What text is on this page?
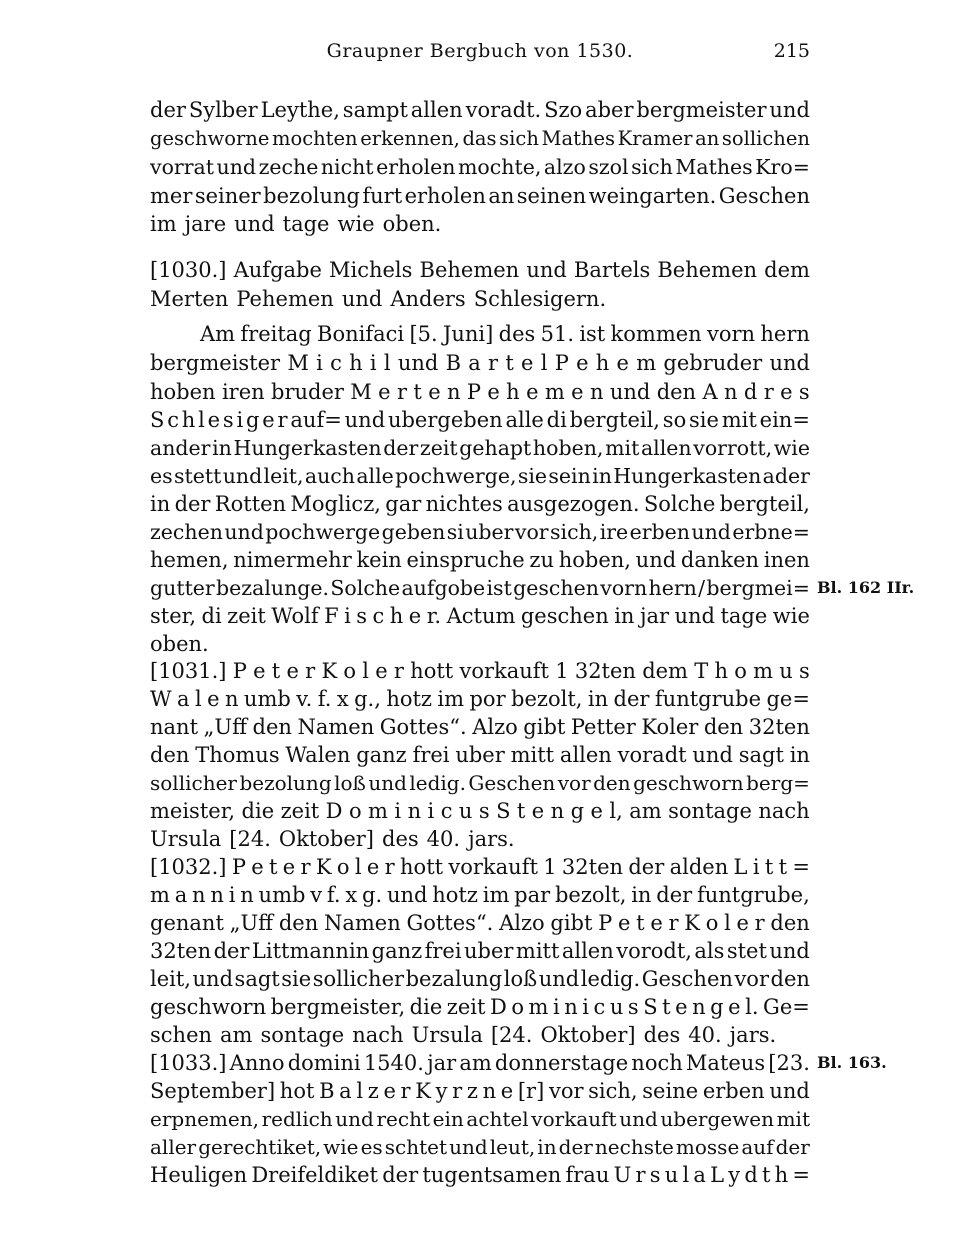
Graupner Bergbuch von 1530.	215
der Sylber Leythe, sampt allen voradt. Szo aber bergmeister und
geschworne mochten erkennen, das sich Mathes Kramer an sollichen
vorrat und zeche nicht erholen mochte, alzo szol sich Mathes Kro=
mer seiner bezolung furt erholen an seinen weingarten. Geschen
im jare und tage wie oben.
[1030.] Aufgabe Michels Behemen und Bartels Behemen dem
Merten Pehemen und Anders Schlesigern.
Am freitag Bonifaci [5. Juni] des 51. ist kommen vorn hern
bergmeister M i c h i l und B a r t e l P e h e m gebruder und
hoben iren bruder M e r t e n P e h e m e n und den A n d r e s
S c h l e s i g e r auf= und ubergeben alle di bergteil, so sie mit ein=
ander in Hungerkasten der zeit gehapt hoben, mit allen vorrott, wie
es stett und leit, auch alle pochwerge, sie sein in Hungerkasten ader
in der Rotten Moglicz, gar nichtes ausgezogen. Solche bergteil,
zechen und pochwerge geben si uber vor sich, ire erben und erbne=
hemen, nimermehr kein einspruche zu hoben, und danken inen
gutter bezalunge. Solche aufgobe ist geschen vorn hern / bergmei=
ster, di zeit Wolf F i s c h e r. Actum geschen in jar und tage wie
oben.
[1031.] P e t e r K o l e r hott vorkauft 1 32ten dem T h o m u s
W a l e n umb v. f. x g., hotz im por bezolt, in der funtgrube ge=
nant „Uff den Namen Gottes“. Alzo gibt Petter Koler den 32ten
den Thomus Walen ganz frei uber mitt allen voradt und sagt in
sollicher bezolung loß und ledig. Geschen vor den geschworn berg=
meister, die zeit D o m i n i c u s S t e n g e l, am sontage nach
Ursula [24. Oktober] des 40. jars.
[1032.] P e t e r K o l e r hott vorkauft 1 32ten der alden L i t t =
m a n n i n umb v f. x g. und hotz im par bezolt, in der funtgrube,
genant „Uff den Namen Gottes“. Alzo gibt P e t e r K o l e r den
32ten der Littmannin ganz frei uber mitt allen vorodt, als stet und
leit, und sagt sie sollicher bezalung loß und ledig. Geschen vor den
geschworn bergmeister, die zeit D o m i n i c u s S t e n g e l. Ge=
schen am sontage nach Ursula [24. Oktober] des 40. jars.
[1033.] Anno domini 1540. jar am donnerstage noch Mateus [23.
September] hot B a l z e r K y r z n e [r] vor sich, seine erben und
erpnemen, redlich und recht ein achtel vorkauft und ubergewen mit
aller gerechtiket, wie es schtet und leut, in der nechste mosse auf der
Heuligen Dreifeldiket der tugentsamen frau U r s u l a L y d t h =
Bl. 162 IIr.
Bl. 163.
